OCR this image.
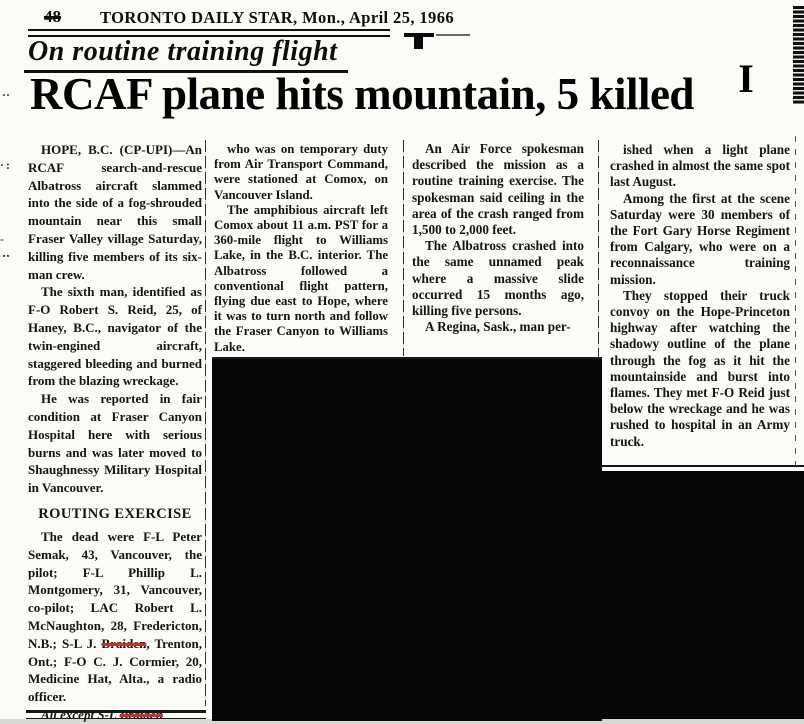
48 TORONTO DAILY STAR, Mon., April 25, 1966
On routine training flight
RCAF plane hits mountain, 5 killed	I
··
·:
-
‥

HOPE, B.C. (CP-UPI)—An RCAF search-and-rescue Albatross aircraft slammed into the side of a fog-shrouded mountain near this small Fraser Valley village Saturday, killing five members of its six-man crew.

The sixth man, identified as F-O Robert S. Reid, 25, of Haney, B.C., navigator of the twin-engined aircraft, staggered bleeding and burned from the blazing wreckage.

He was reported in fair condition at Fraser Canyon Hospital here with serious burns and was later moved to Shaughnessy Military Hospital in Vancouver.

ROUTING EXERCISE

The dead were F-L Peter Semak, 43, Vancouver, the pilot; F-L Phillip L. Montgomery, 31, Vancouver, co-pilot; LAC Robert L. McNaughton, 28, Fredericton, N.B.; S-L J. Braiden, Trenton, Ont.; F-O C. J. Cormier, 20, Medicine Hat, Alta., a radio officer.

All except S-L Braiden

who was on temporary duty from Air Transport Command, were stationed at Comox, on Vancouver Island.

The amphibious aircraft left Comox about 11 a.m. PST for a 360-mile flight to Williams Lake, in the B.C. interior. The Albatross followed a conventional flight pattern, flying due east to Hope, where it was to turn north and follow the Fraser Canyon to Williams Lake.

An Air Force spokesman described the mission as a routine training exercise. The spokesman said ceiling in the area of the crash ranged from 1,500 to 2,000 feet.

The Albatross crashed into the same unnamed peak where a massive slide occurred 15 months ago, killing five persons.

A Regina, Sask., man per-

ished when a light plane crashed in almost the same spot last August.

Among the first at the scene Saturday were 30 members of the Fort Gary Horse Regiment from Calgary, who were on a reconnaissance training mission.

They stopped their truck convoy on the Hope-Princeton highway after watching the shadowy outline of the plane through the fog as it hit the mountainside and burst into flames. They met F-O Reid just below the wreckage and he was rushed to hospital in an Army truck.
